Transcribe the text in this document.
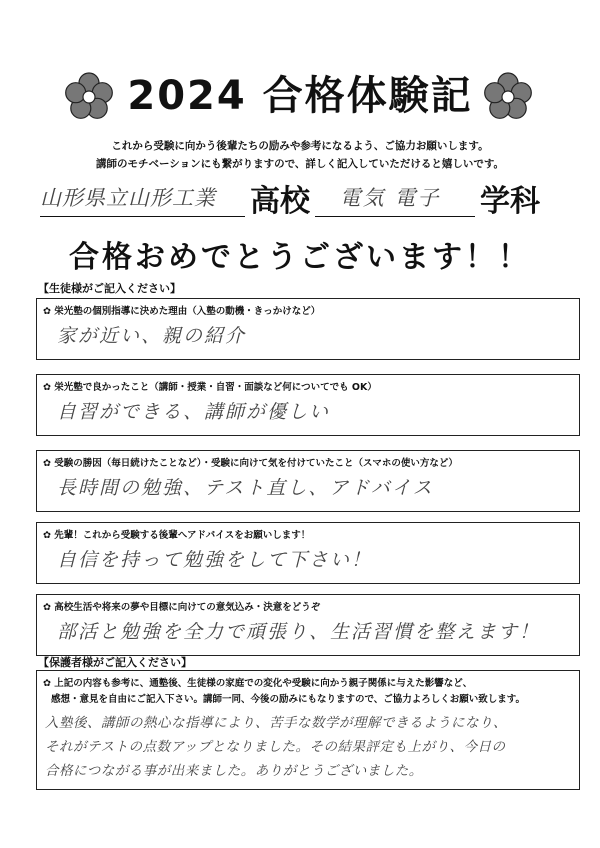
2024 合格体験記
これから受験に向かう後輩たちの励みや参考になるよう、ご協力お願いします。
講師のモチベーションにも繋がりますので、詳しく記入していただけると嬉しいです。
山形県立山形工業	高校	電気 電子	学科
合格おめでとうございます！！
【生徒様がご記入ください】
✿ 栄光塾の個別指導に決めた理由（入塾の動機・きっかけなど）
家が近い、親の紹介
✿ 栄光塾で良かったこと（講師・授業・自習・面談など何についてでも OK）
自習ができる、講師が優しい
✿ 受験の勝因（毎日続けたことなど）・受験に向けて気を付けていたこと（スマホの使い方など）
長時間の勉強、テスト直し、アドバイス
✿ 先輩！これから受験する後輩へアドバイスをお願いします！
自信を持って勉強をして下さい！
✿ 高校生活や将来の夢や目標に向けての意気込み・決意をどうぞ
部活と勉強を全力で頑張り、生活習慣を整えます！
【保護者様がご記入ください】
✿ 上記の内容も参考に、通塾後、生徒様の家庭での変化や受験に向かう親子関係に与えた影響など、
感想・意見を自由にご記入下さい。講師一同、今後の励みにもなりますので、ご協力よろしくお願い致します。
入塾後、講師の熱心な指導により、苦手な数学が理解できるようになり、
それがテストの点数アップとなりました。その結果評定も上がり、今日の
合格につながる事が出来ました。ありがとうございました。
